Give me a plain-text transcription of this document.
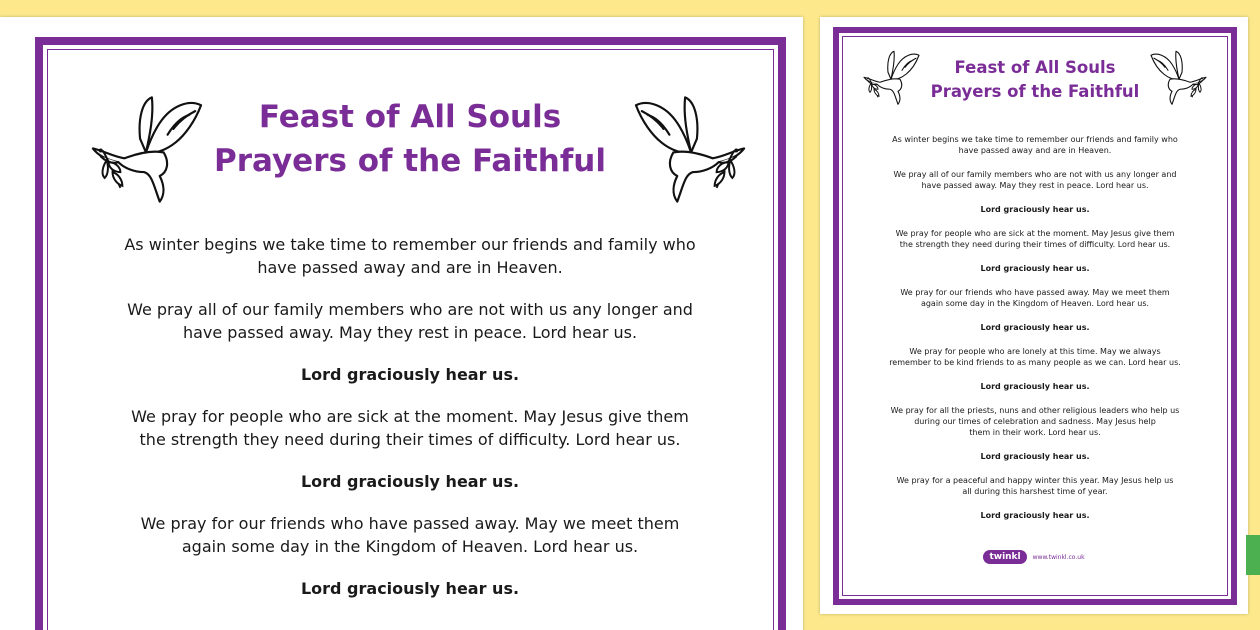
Feast of All Souls
Prayers of the Faithful
As winter begins we take time to remember our friends and family who
have passed away and are in Heaven.
We pray all of our family members who are not with us any longer and
have passed away. May they rest in peace. Lord hear us.
Lord graciously hear us.
We pray for people who are sick at the moment. May Jesus give them
the strength they need during their times of difficulty. Lord hear us.
Lord graciously hear us.
We pray for our friends who have passed away. May we meet them
again some day in the Kingdom of Heaven. Lord hear us.
Lord graciously hear us.
Feast of All Souls
Prayers of the Faithful
As winter begins we take time to remember our friends and family who
have passed away and are in Heaven.
We pray all of our family members who are not with us any longer and
have passed away. May they rest in peace. Lord hear us.
Lord graciously hear us.
We pray for people who are sick at the moment. May Jesus give them
the strength they need during their times of difficulty. Lord hear us.
Lord graciously hear us.
We pray for our friends who have passed away. May we meet them
again some day in the Kingdom of Heaven. Lord hear us.
Lord graciously hear us.
We pray for people who are lonely at this time. May we always
remember to be kind friends to as many people as we can. Lord hear us.
Lord graciously hear us.
We pray for all the priests, nuns and other religious leaders who help us
during our times of celebration and sadness. May Jesus help
them in their work. Lord hear us.
Lord graciously hear us.
We pray for a peaceful and happy winter this year. May Jesus help us
all during this harshest time of year.
Lord graciously hear us.
twinkl	www.twinkl.co.uk
